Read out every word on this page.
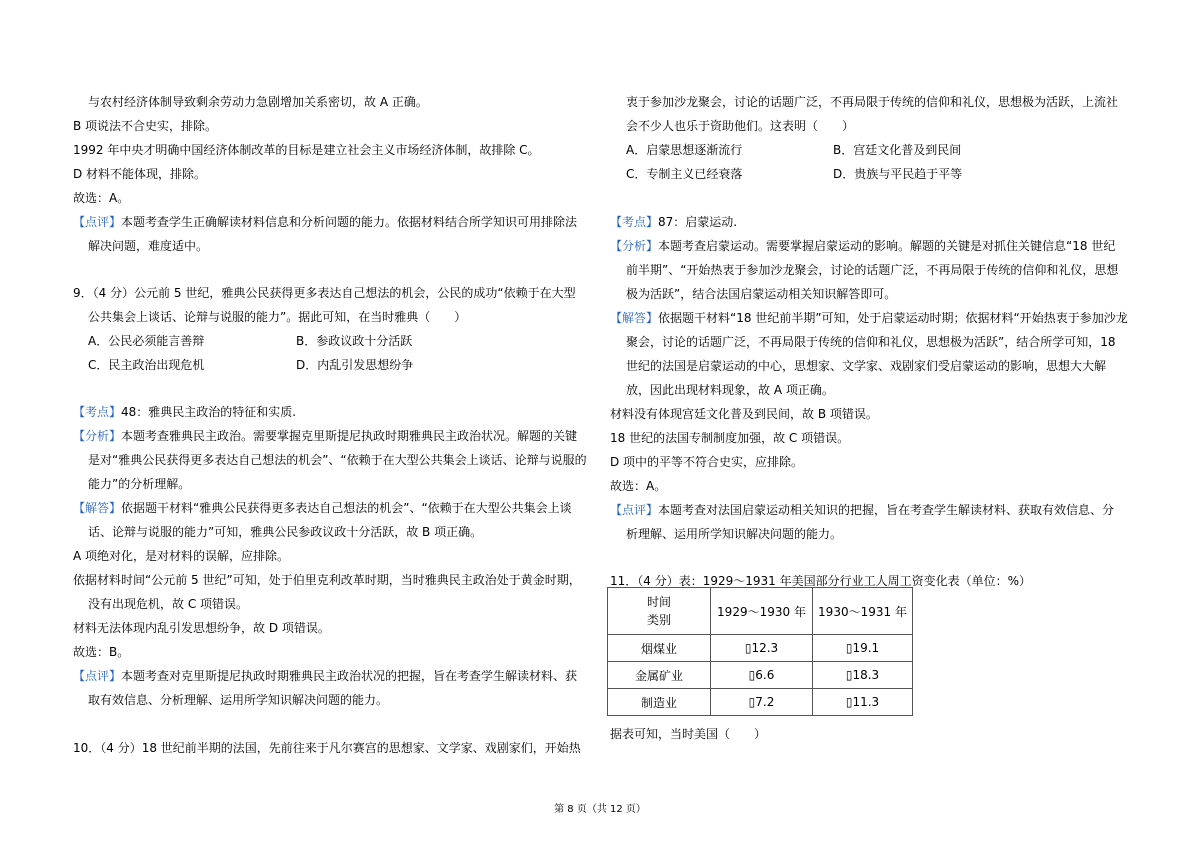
与农村经济体制导致剩余劳动力急剧增加关系密切，故 A 正确。
B 项说法不合史实，排除。
1992 年中央才明确中国经济体制改革的目标是建立社会主义市场经济体制，故排除 C。
D 材料不能体现，排除。
故选：A。
【点评】本题考查学生正确解读材料信息和分析问题的能力。依据材料结合所学知识可用排除法
解决问题，难度适中。
9．（4 分）公元前 5 世纪，雅典公民获得更多表达自己想法的机会，公民的成功“依赖于在大型
公共集会上谈话、论辩与说服的能力”。据此可知，在当时雅典（　　）
A．公民必须能言善辩	B．参政议政十分活跃
C．民主政治出现危机	D．内乱引发思想纷争
【考点】48：雅典民主政治的特征和实质.
【分析】本题考查雅典民主政治。需要掌握克里斯提尼执政时期雅典民主政治状况。解题的关键
是对“雅典公民获得更多表达自己想法的机会”、“依赖于在大型公共集会上谈话、论辩与说服的
能力”的分析理解。
【解答】依据题干材料“雅典公民获得更多表达自己想法的机会”、“依赖于在大型公共集会上谈
话、论辩与说服的能力”可知，雅典公民参政议政十分活跃，故 B 项正确。
A 项绝对化，是对材料的误解，应排除。
依据材料时间“公元前 5 世纪”可知，处于伯里克利改革时期，当时雅典民主政治处于黄金时期，
没有出现危机，故 C 项错误。
材料无法体现内乱引发思想纷争，故 D 项错误。
故选：B。
【点评】本题考查对克里斯提尼执政时期雅典民主政治状况的把握，旨在考查学生解读材料、获
取有效信息、分析理解、运用所学知识解决问题的能力。
10．（4 分）18 世纪前半期的法国，先前往来于凡尔赛宫的思想家、文学家、戏剧家们，开始热
衷于参加沙龙聚会，讨论的话题广泛，不再局限于传统的信仰和礼仪，思想极为活跃，上流社
会不少人也乐于资助他们。这表明（　　）
A．启蒙思想逐渐流行	B．宫廷文化普及到民间
C．专制主义已经衰落	D．贵族与平民趋于平等
【考点】87：启蒙运动.
【分析】本题考查启蒙运动。需要掌握启蒙运动的影响。解题的关键是对抓住关键信息“18 世纪
前半期”、“开始热衷于参加沙龙聚会，讨论的话题广泛，不再局限于传统的信仰和礼仪，思想
极为活跃”，结合法国启蒙运动相关知识解答即可。
【解答】依据题干材料“18 世纪前半期”可知，处于启蒙运动时期；依据材料“开始热衷于参加沙龙
聚会，讨论的话题广泛，不再局限于传统的信仰和礼仪，思想极为活跃”，结合所学可知，18
世纪的法国是启蒙运动的中心，思想家、文学家、戏剧家们受启蒙运动的影响，思想大大解
放，因此出现材料现象，故 A 项正确。
材料没有体现宫廷文化普及到民间，故 B 项错误。
18 世纪的法国专制制度加强，故 C 项错误。
D 项中的平等不符合史实，应排除。
故选：A。
【点评】本题考查对法国启蒙运动相关知识的把握，旨在考查学生解读材料、获取有效信息、分
析理解、运用所学知识解决问题的能力。
11．（4 分）表：1929～1931 年美国部分行业工人周工资变化表（单位：%）
据表可知，当时美国（　　）
时间
类别	1929～1930 年	1930～1931 年
烟煤业	▯12.3	▯19.1
金属矿业	▯6.6	▯18.3
制造业	▯7.2	▯11.3
第 8 页（共 12 页）
